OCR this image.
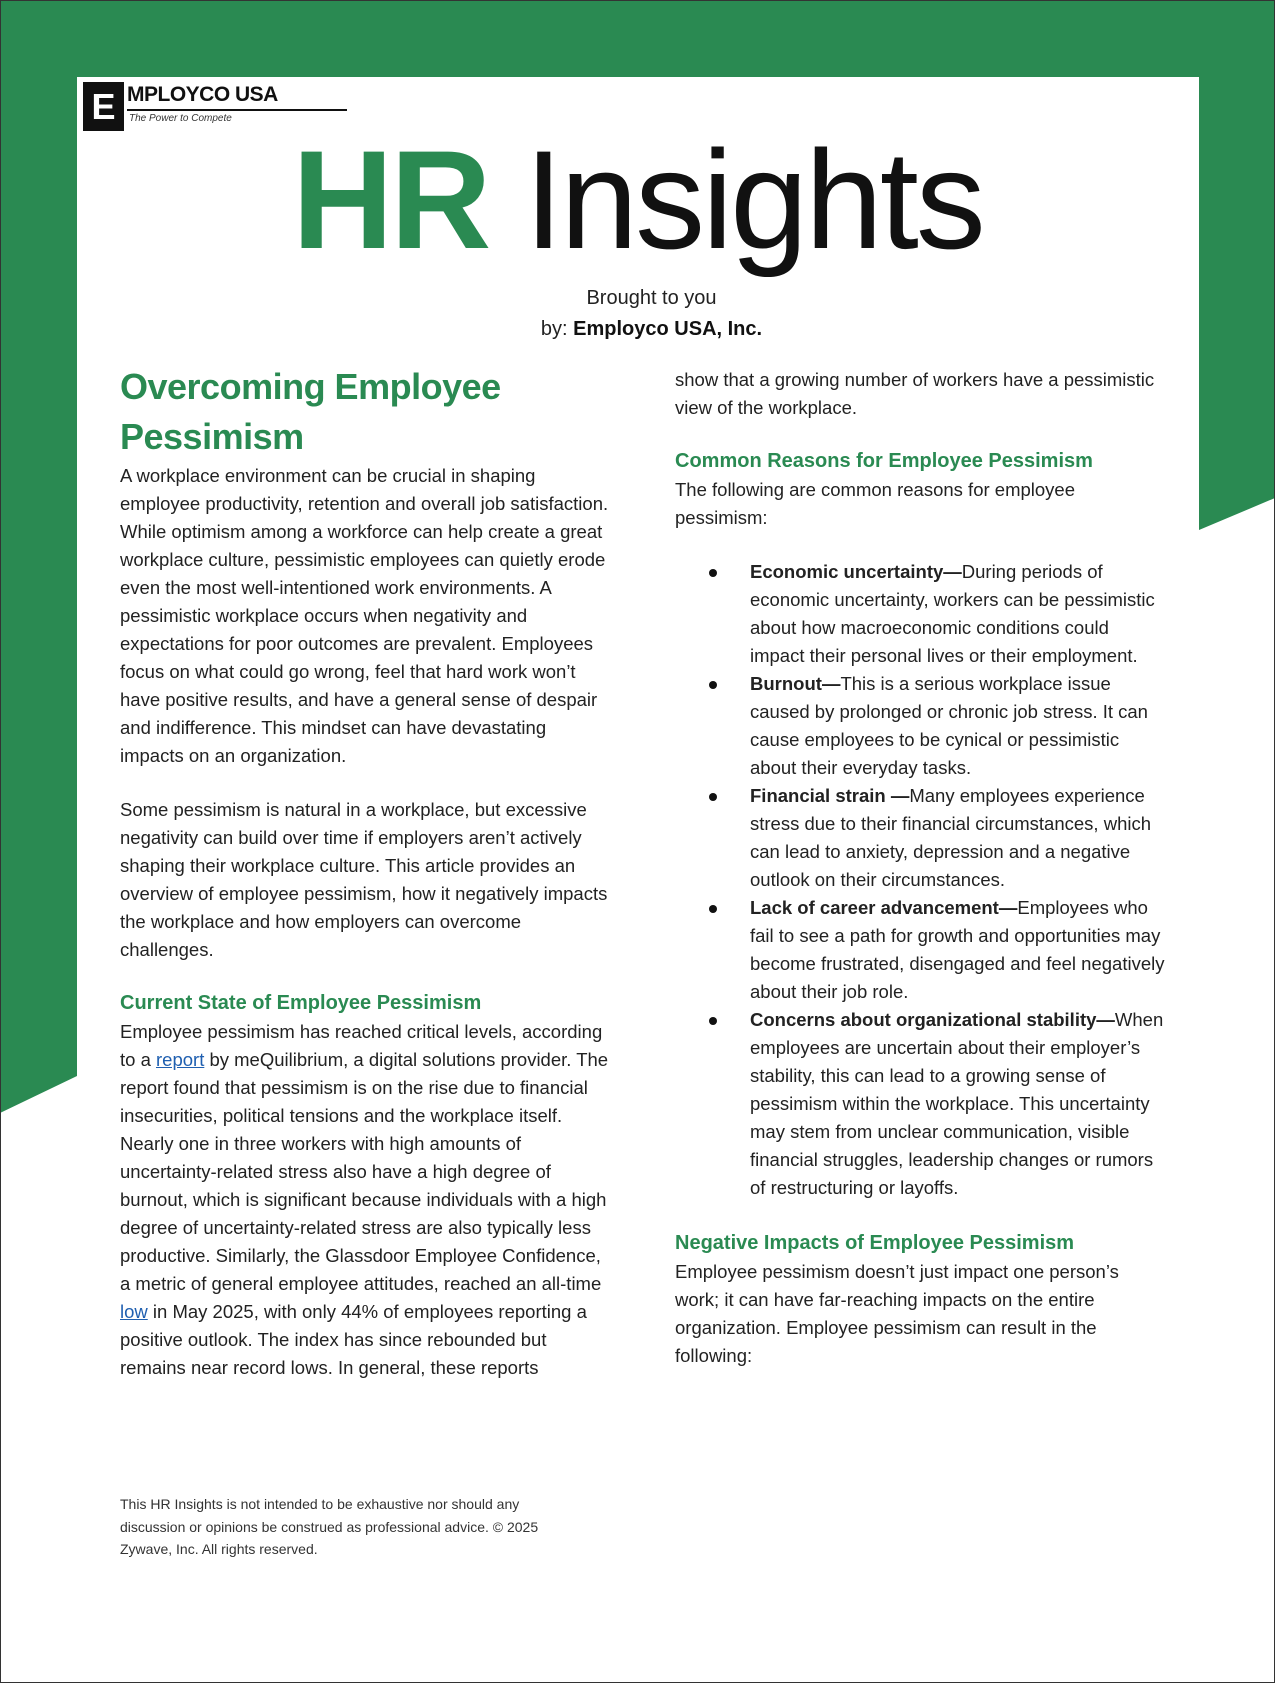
E MPLOYCO USA
The Power to Compete
HR Insights
Brought to you
by: Employco USA, Inc.
Overcoming Employee
Pessimism

A workplace environment can be crucial in shaping employee productivity, retention and overall job satisfaction. While optimism among a workforce can help create a great workplace culture, pessimistic employees can quietly erode even the most well-intentioned work environments. A pessimistic workplace occurs when negativity and expectations for poor outcomes are prevalent. Employees focus on what could go wrong, feel that hard work won’t have positive results, and have a general sense of despair and indifference. This mindset can have devastating impacts on an organization.

Some pessimism is natural in a workplace, but excessive negativity can build over time if employers aren’t actively shaping their workplace culture. This article provides an overview of employee pessimism, how it negatively impacts the workplace and how employers can overcome challenges.

Current State of Employee Pessimism

Employee pessimism has reached critical levels, according to a report by meQuilibrium, a digital solutions provider. The report found that pessimism is on the rise due to financial insecurities, political tensions and the workplace itself. Nearly one in three workers with high amounts of uncertainty-related stress also have a high degree of burnout, which is significant because individuals with a high degree of uncertainty-related stress are also typically less productive. Similarly, the Glassdoor Employee Confidence, a metric of general employee attitudes, reached an all-time low in May 2025, with only 44% of employees reporting a positive outlook. The index has since rebounded but remains near record lows. In general, these reports

show that a growing number of workers have a pessimistic view of the workplace.

Common Reasons for Employee Pessimism

The following are common reasons for employee pessimism:

Economic uncertainty—During periods of economic uncertainty, workers can be pessimistic about how macroeconomic conditions could impact their personal lives or their employment.
Burnout—This is a serious workplace issue caused by prolonged or chronic job stress. It can cause employees to be cynical or pessimistic about their everyday tasks.
Financial strain —Many employees experience stress due to their financial circumstances, which can lead to anxiety, depression and a negative outlook on their circumstances.
Lack of career advancement—Employees who fail to see a path for growth and opportunities may become frustrated, disengaged and feel negatively about their job role.
Concerns about organizational stability—When employees are uncertain about their employer’s stability, this can lead to a growing sense of pessimism within the workplace. This uncertainty may stem from unclear communication, visible financial struggles, leadership changes or rumors of restructuring or layoffs.
Negative Impacts of Employee Pessimism

Employee pessimism doesn’t just impact one person’s work; it can have far-reaching impacts on the entire organization. Employee pessimism can result in the following:

This HR Insights is not intended to be exhaustive nor should any discussion or opinions be construed as professional advice. © 2025 Zywave, Inc. All rights reserved.
